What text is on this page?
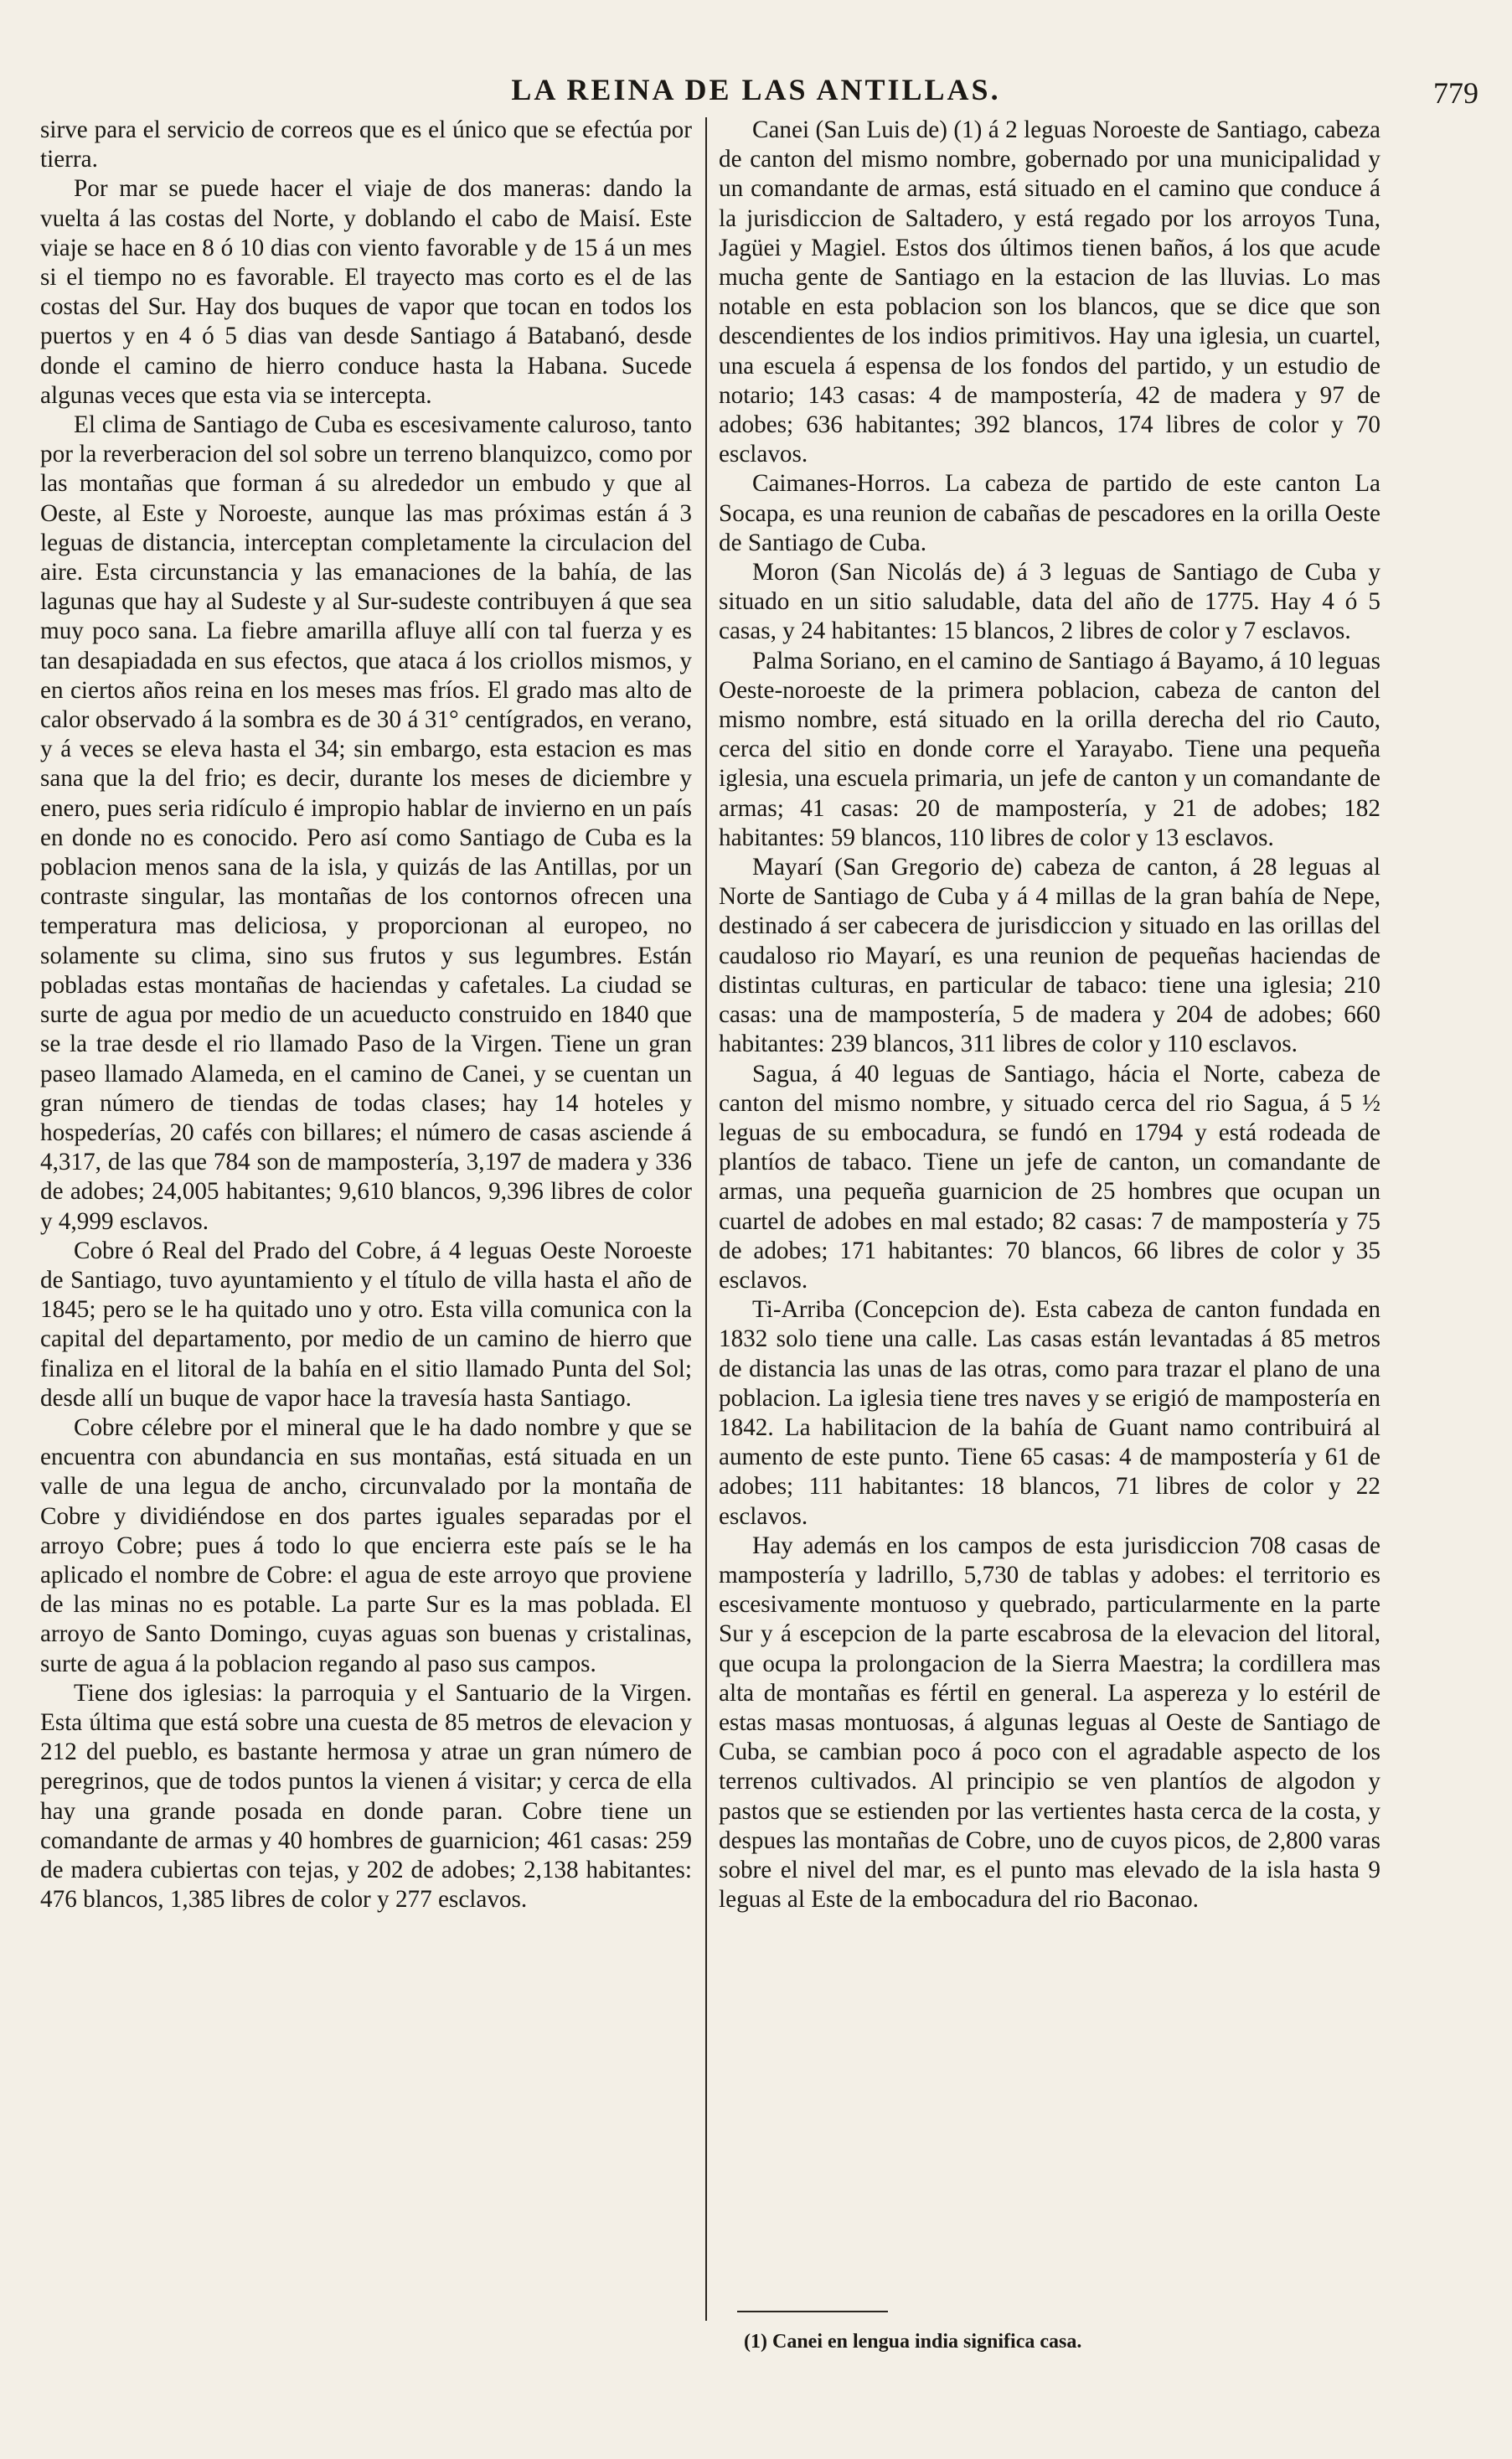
LA REINA DE LAS ANTILLAS.	779

sirve para el servicio de correos que es el único que se efectúa por tierra.

Por mar se puede hacer el viaje de dos maneras: dando la vuelta á las costas del Norte, y doblando el cabo de Maisí. Este viaje se hace en 8 ó 10 dias con viento favorable y de 15 á un mes si el tiempo no es favorable. El trayecto mas corto es el de las costas del Sur. Hay dos buques de vapor que tocan en todos los puertos y en 4 ó 5 dias van desde Santiago á Batabanó, desde donde el camino de hierro conduce hasta la Habana. Sucede algunas veces que esta via se intercepta.

El clima de Santiago de Cuba es escesivamente caluroso, tanto por la reverberacion del sol sobre un terreno blanquizco, como por las montañas que forman á su alrededor un embudo y que al Oeste, al Este y Noroeste, aunque las mas próximas están á 3 leguas de distancia, interceptan completamente la circulacion del aire. Esta circunstancia y las emanaciones de la bahía, de las lagunas que hay al Sudeste y al Sur-sudeste contribuyen á que sea muy poco sana. La fiebre amarilla afluye allí con tal fuerza y es tan desapiadada en sus efectos, que ataca á los criollos mismos, y en ciertos años reina en los meses mas fríos. El grado mas alto de calor observado á la sombra es de 30 á 31° centígrados, en verano, y á veces se eleva hasta el 34; sin embargo, esta estacion es mas sana que la del frio; es decir, durante los meses de diciembre y enero, pues seria ridículo é impropio hablar de invierno en un país en donde no es conocido. Pero así como Santiago de Cuba es la poblacion menos sana de la isla, y quizás de las Antillas, por un contraste singular, las montañas de los contornos ofrecen una temperatura mas deliciosa, y proporcionan al europeo, no solamente su clima, sino sus frutos y sus legumbres. Están pobladas estas montañas de haciendas y cafetales. La ciudad se surte de agua por medio de un acueducto construido en 1840 que se la trae desde el rio llamado Paso de la Virgen. Tiene un gran paseo llamado Alameda, en el camino de Canei, y se cuentan un gran número de tiendas de todas clases; hay 14 hoteles y hospederías, 20 cafés con billares; el número de casas asciende á 4,317, de las que 784 son de mampostería, 3,197 de madera y 336 de adobes; 24,005 habitantes; 9,610 blancos, 9,396 libres de color y 4,999 esclavos.

Cobre ó Real del Prado del Cobre, á 4 leguas Oeste Noroeste de Santiago, tuvo ayuntamiento y el título de villa hasta el año de 1845; pero se le ha quitado uno y otro. Esta villa comunica con la capital del departamento, por medio de un camino de hierro que finaliza en el litoral de la bahía en el sitio llamado Punta del Sol; desde allí un buque de vapor hace la travesía hasta Santiago.

Cobre célebre por el mineral que le ha dado nombre y que se encuentra con abundancia en sus montañas, está situada en un valle de una legua de ancho, circunvalado por la montaña de Cobre y dividiéndose en dos partes iguales separadas por el arroyo Cobre; pues á todo lo que encierra este país se le ha aplicado el nombre de Cobre: el agua de este arroyo que proviene de las minas no es potable. La parte Sur es la mas poblada. El arroyo de Santo Domingo, cuyas aguas son buenas y cristalinas, surte de agua á la poblacion regando al paso sus campos.

Tiene dos iglesias: la parroquia y el Santuario de la Virgen. Esta última que está sobre una cuesta de 85 metros de elevacion y 212 del pueblo, es bastante hermosa y atrae un gran número de peregrinos, que de todos puntos la vienen á visitar; y cerca de ella hay una grande posada en donde paran. Cobre tiene un comandante de armas y 40 hombres de guarnicion; 461 casas: 259 de madera cubiertas con tejas, y 202 de adobes; 2,138 habitantes: 476 blancos, 1,385 libres de color y 277 esclavos.

Canei (San Luis de) (1) á 2 leguas Noroeste de Santiago, cabeza de canton del mismo nombre, gobernado por una municipalidad y un comandante de armas, está situado en el camino que conduce á la jurisdiccion de Saltadero, y está regado por los arroyos Tuna, Jagüei y Magiel. Estos dos últimos tienen baños, á los que acude mucha gente de Santiago en la estacion de las lluvias. Lo mas notable en esta poblacion son los blancos, que se dice que son descendientes de los indios primitivos. Hay una iglesia, un cuartel, una escuela á espensa de los fondos del partido, y un estudio de notario; 143 casas: 4 de mampostería, 42 de madera y 97 de adobes; 636 habitantes; 392 blancos, 174 libres de color y 70 esclavos.

Caimanes-Horros. La cabeza de partido de este canton La Socapa, es una reunion de cabañas de pescadores en la orilla Oeste de Santiago de Cuba.

Moron (San Nicolás de) á 3 leguas de Santiago de Cuba y situado en un sitio saludable, data del año de 1775. Hay 4 ó 5 casas, y 24 habitantes: 15 blancos, 2 libres de color y 7 esclavos.

Palma Soriano, en el camino de Santiago á Bayamo, á 10 leguas Oeste-noroeste de la primera poblacion, cabeza de canton del mismo nombre, está situado en la orilla derecha del rio Cauto, cerca del sitio en donde corre el Yarayabo. Tiene una pequeña iglesia, una escuela primaria, un jefe de canton y un comandante de armas; 41 casas: 20 de mampostería, y 21 de adobes; 182 habitantes: 59 blancos, 110 libres de color y 13 esclavos.

Mayarí (San Gregorio de) cabeza de canton, á 28 leguas al Norte de Santiago de Cuba y á 4 millas de la gran bahía de Nepe, destinado á ser cabecera de jurisdiccion y situado en las orillas del caudaloso rio Mayarí, es una reunion de pequeñas haciendas de distintas culturas, en particular de tabaco: tiene una iglesia; 210 casas: una de mampostería, 5 de madera y 204 de adobes; 660 habitantes: 239 blancos, 311 libres de color y 110 esclavos.

Sagua, á 40 leguas de Santiago, hácia el Norte, cabeza de canton del mismo nombre, y situado cerca del rio Sagua, á 5 ½ leguas de su embocadura, se fundó en 1794 y está rodeada de plantíos de tabaco. Tiene un jefe de canton, un comandante de armas, una pequeña guarnicion de 25 hombres que ocupan un cuartel de adobes en mal estado; 82 casas: 7 de mampostería y 75 de adobes; 171 habitantes: 70 blancos, 66 libres de color y 35 esclavos.

Ti-Arriba (Concepcion de). Esta cabeza de canton fundada en 1832 solo tiene una calle. Las casas están levantadas á 85 metros de distancia las unas de las otras, como para trazar el plano de una poblacion. La iglesia tiene tres naves y se erigió de mampostería en 1842. La habilitacion de la bahía de Guant namo contribuirá al aumento de este punto. Tiene 65 casas: 4 de mampostería y 61 de adobes; 111 habitantes: 18 blancos, 71 libres de color y 22 esclavos.

Hay además en los campos de esta jurisdiccion 708 casas de mampostería y ladrillo, 5,730 de tablas y adobes: el territorio es escesivamente montuoso y quebrado, particularmente en la parte Sur y á escepcion de la parte escabrosa de la elevacion del litoral, que ocupa la prolongacion de la Sierra Maestra; la cordillera mas alta de montañas es fértil en general. La aspereza y lo estéril de estas masas montuosas, á algunas leguas al Oeste de Santiago de Cuba, se cambian poco á poco con el agradable aspecto de los terrenos cultivados. Al principio se ven plantíos de algodon y pastos que se estienden por las vertientes hasta cerca de la costa, y despues las montañas de Cobre, uno de cuyos picos, de 2,800 varas sobre el nivel del mar, es el punto mas elevado de la isla hasta 9 leguas al Este de la embocadura del rio Baconao.

(1) Canei en lengua india significa casa.
